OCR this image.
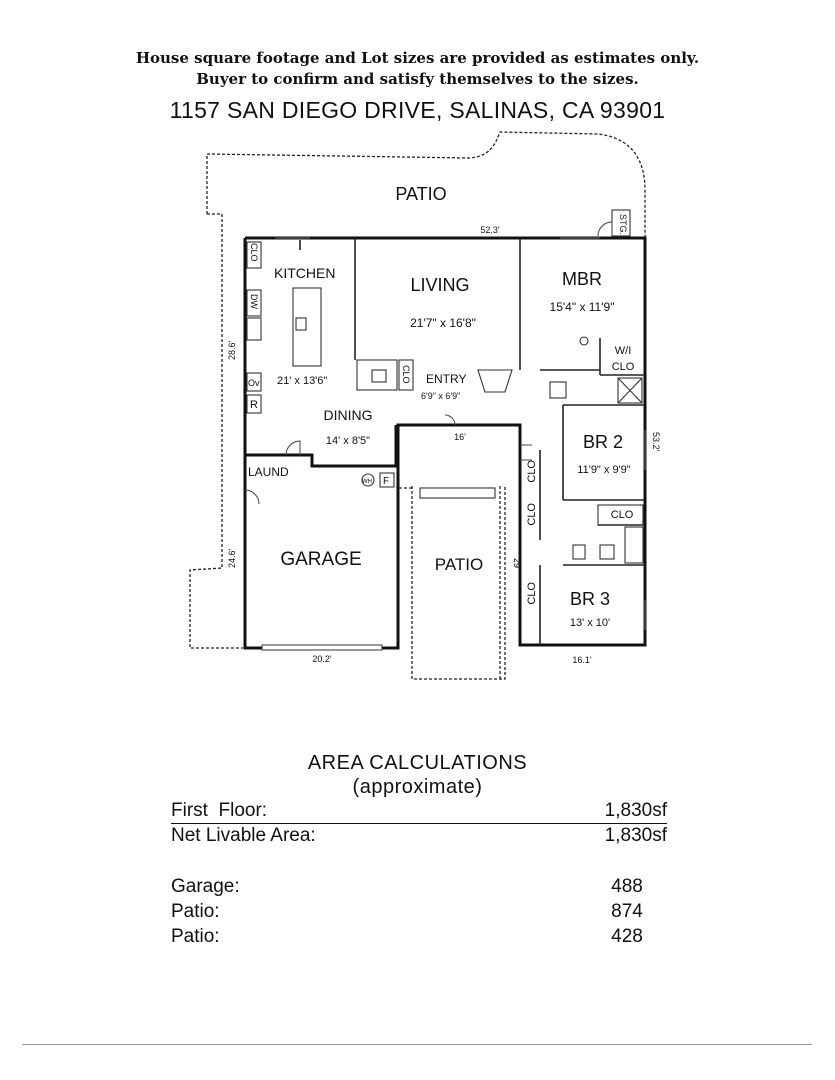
House square footage and Lot sizes are provided as estimates only.
Buyer to confirm and satisfy themselves to the sizes.
1157 SAN DIEGO DRIVE, SALINAS, CA 93901
PATIO
STG.
KITCHEN
21' x 13'6"
LIVING
21'7" x 16'8"
MBR
15'4" x 11'9"
W/I
CLO
ENTRY
6'9" x 6'9"
DINING
14' x 8'5"	BR 2
11'9" x 9'9"
LAUND
GARAGE	PATIO
BR 3
13' x 10'
CLO
DW
Ov
R
CLO
WH F	CLO
CLO	CLO
CLO
52.3'
28.6'
24.6'
53.2'
16'
29'
20.2'	16.1'
AREA CALCULATIONS
(approximate)
First  Floor:	1,830sf
Net Livable Area:	1,830sf
Garage:	488
Patio:	874
Patio:	428
